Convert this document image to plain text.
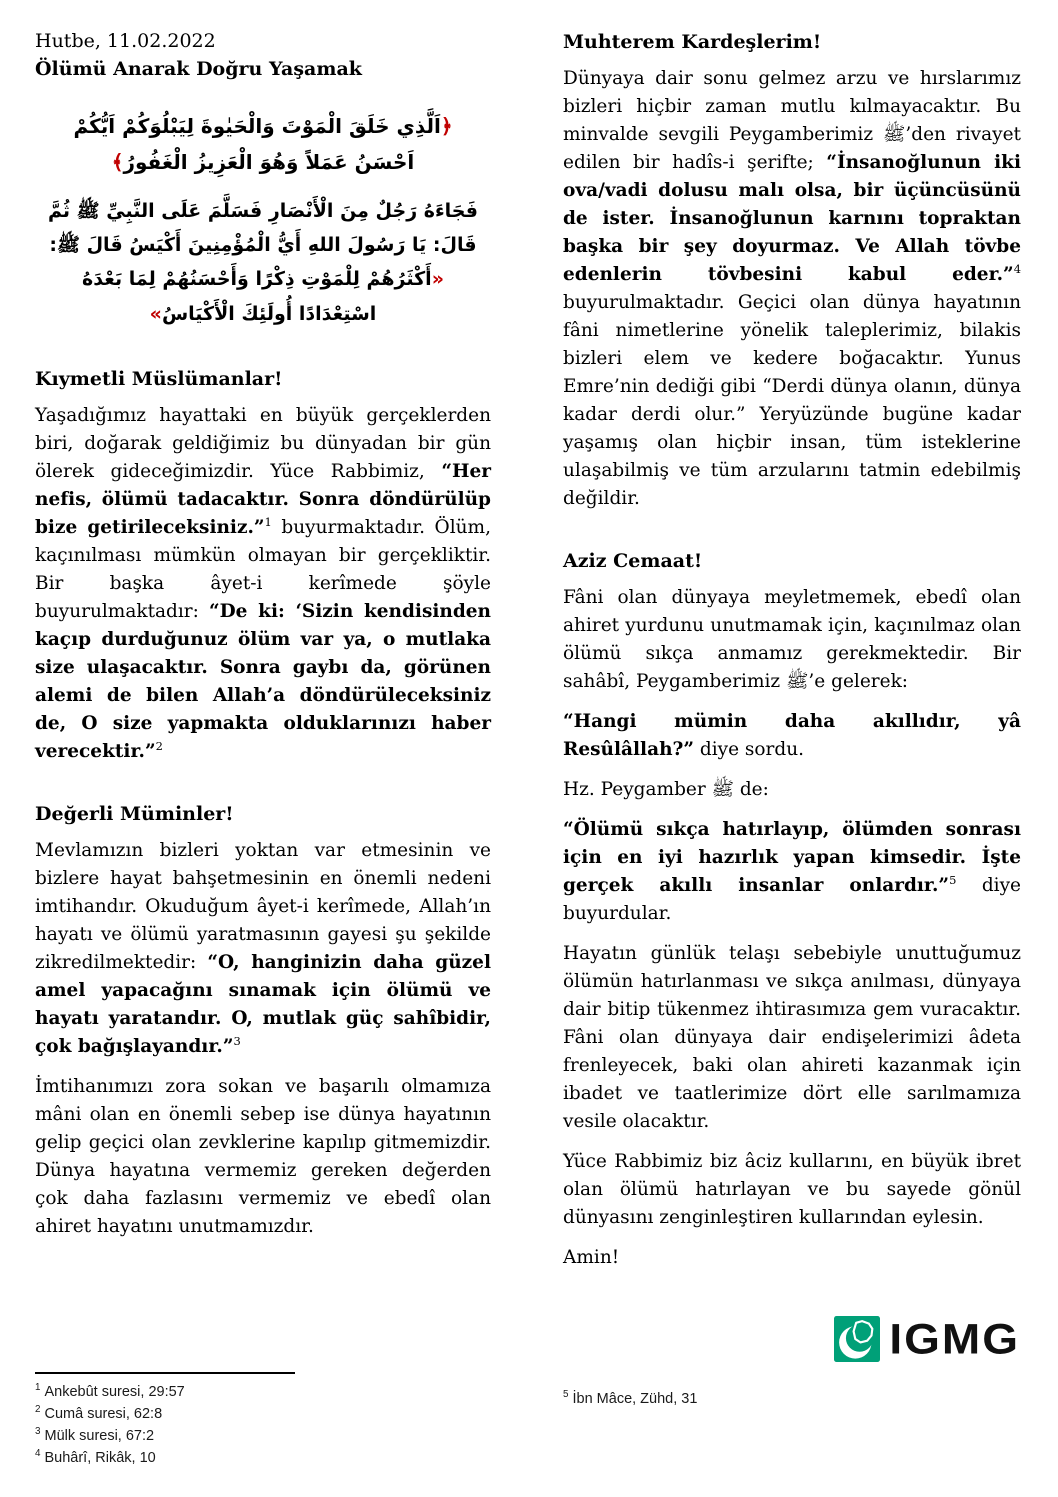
Hutbe, 11.02.2022

Ölümü Anarak Doğru Yaşamak
﴿اَلَّذِي خَلَقَ الْمَوْتَ وَالْحَيٰوةَ لِيَبْلُوَكُمْ اَيُّكُمْ اَحْسَنُ عَمَلاً وَهُوَ الْعَزِيزُ الْغَفُورُ﴾
فَجَاءَهُ رَجُلٌ مِنَ الْأَنْصَارِ فَسَلَّمَ عَلَى النَّبِيِّ ﷺ ثُمَّ قَالَ: يَا رَسُولَ اللهِ أَيُّ الْمُؤْمِنِينَ أَكْيَسُ قَالَ ﷺ: «أَكْثَرُهُمْ لِلْمَوْتِ ذِكْرًا وَأَحْسَنُهُمْ لِمَا بَعْدَهُ اسْتِعْدَادًا أُولَئِكَ الْأَكْيَاسُ»
Kıymetli Müslümanlar!

Yaşadığımız hayattaki en büyük gerçeklerden biri, doğarak geldiğimiz bu dünyadan bir gün ölerek gideceğimizdir. Yüce Rabbimiz, “Her nefis, ölümü tadacaktır. Sonra döndürülüp bize getirileceksiniz.”$^1$ buyurmaktadır. Ölüm, kaçınılması mümkün olmayan bir gerçekliktir. Bir başka âyet-i kerîmede şöyle buyurulmaktadır: “De ki: ‘Sizin kendisinden kaçıp durduğunuz ölüm var ya, o mutlaka size ulaşacaktır. Sonra gaybı da, görünen alemi de bilen Allah’a döndürüleceksiniz de, O size yapmakta olduklarınızı haber verecektir.”$^2$

Değerli Müminler!

Mevlamızın bizleri yoktan var etmesinin ve bizlere hayat bahşetmesinin en önemli nedeni imtihandır. Okuduğum âyet-i kerîmede, Allah’ın hayatı ve ölümü yaratmasının gayesi şu şekilde zikredilmektedir: “O, hanginizin daha güzel amel yapacağını sınamak için ölümü ve hayatı yaratandır. O, mutlak güç sahîbidir, çok bağışlayandır.”$^3$

İmtihanımızı zora sokan ve başarılı olmamıza mâni olan en önemli sebep ise dünya hayatının gelip geçici olan zevklerine kapılıp gitmemizdir. Dünya hayatına vermemiz gereken değerden çok daha fazlasını vermemiz ve ebedî olan ahiret hayatını unutmamızdır.

Muhterem Kardeşlerim!

Dünyaya dair sonu gelmez arzu ve hırslarımız bizleri hiçbir zaman mutlu kılmayacaktır. Bu minvalde sevgili Peygamberimiz ﷺ’den rivayet edilen bir hadîs-i şerifte; “İnsanoğlunun iki ova/vadi dolusu malı olsa, bir üçüncüsünü de ister. İnsanoğlunun karnını topraktan başka bir şey doyurmaz. Ve Allah tövbe edenlerin tövbesini kabul eder.”$^4$ buyurulmaktadır. Geçici olan dünya hayatının fâni nimetlerine yönelik taleplerimiz, bilakis bizleri elem ve kedere boğacaktır. Yunus Emre’nin dediği gibi “Derdi dünya olanın, dünya kadar derdi olur.” Yeryüzünde bugüne kadar yaşamış olan hiçbir insan, tüm isteklerine ulaşabilmiş ve tüm arzularını tatmin edebilmiş değildir.

Aziz Cemaat!

Fâni olan dünyaya meyletmemek, ebedî olan ahiret yurdunu unutmamak için, kaçınılmaz olan ölümü sıkça anmamız gerekmektedir. Bir sahâbî, Peygamberimiz ﷺ’e gelerek:

“Hangi mümin daha akıllıdır, yâ Resûlâllah?” diye sordu.

Hz. Peygamber ﷺ de:

“Ölümü sıkça hatırlayıp, ölümden sonrası için en iyi hazırlık yapan kimsedir. İşte gerçek akıllı insanlar onlardır.”$^5$ diye buyurdular.

Hayatın günlük telaşı sebebiyle unuttuğumuz ölümün hatırlanması ve sıkça anılması, dünyaya dair bitip tükenmez ihtirasımıza gem vuracaktır. Fâni olan dünyaya dair endişelerimizi âdeta frenleyecek, baki olan ahireti kazanmak için ibadet ve taatlerimize dört elle sarılmamıza vesile olacaktır.

Yüce Rabbimiz biz âciz kullarını, en büyük ibret olan ölümü hatırlayan ve bu sayede gönül dünyasını zenginleştiren kullarından eylesin.

Amin!

$^1$ Ankebût suresi, 29:57
$^2$ Cumâ suresi, 62:8
$^3$ Mülk suresi, 67:2
$^4$ Buhârî, Rikâk, 10
$^5$ İbn Mâce, Zühd, 31
IGMG
